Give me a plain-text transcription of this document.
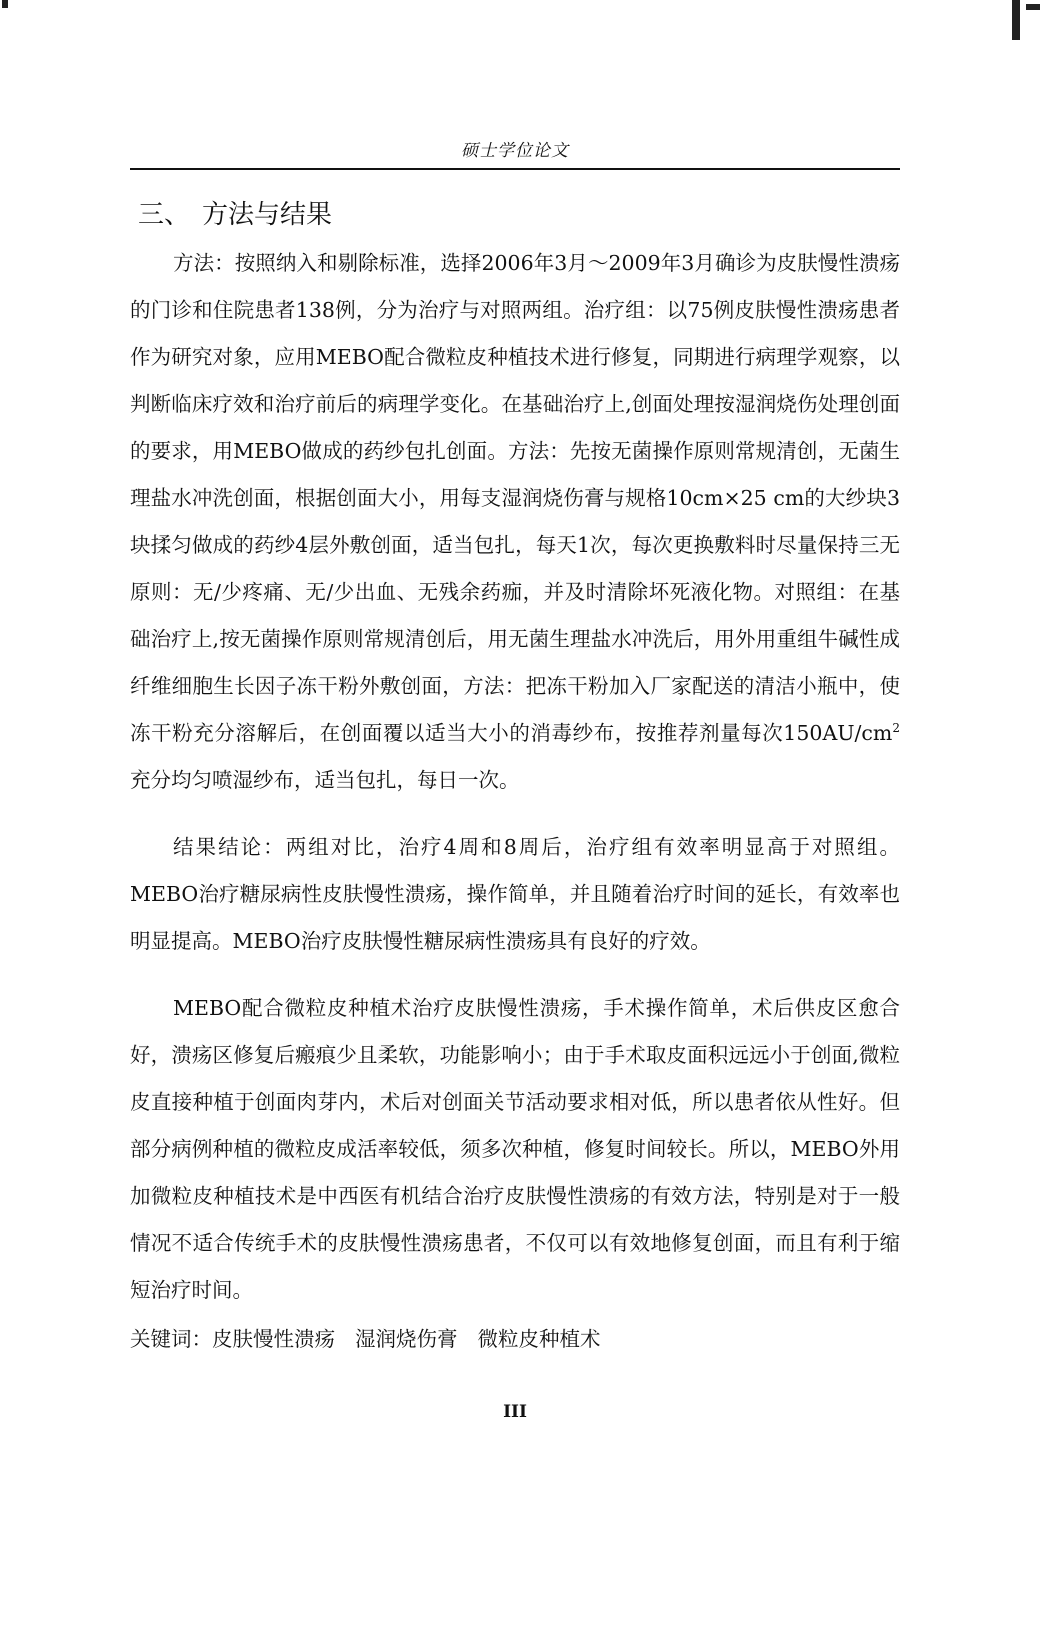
硕士学位论文
三、 方法与结果

方法：按照纳入和剔除标准，选择2006年3月～2009年3月确诊为皮肤慢性溃疡的门诊和住院患者138例，分为治疗与对照两组。治疗组：以75例皮肤慢性溃疡患者作为研究对象，应用MEBO配合微粒皮种植技术进行修复，同期进行病理学观察，以判断临床疗效和治疗前后的病理学变化。在基础治疗上,创面处理按湿润烧伤处理创面的要求，用MEBO做成的药纱包扎创面。方法：先按无菌操作原则常规清创，无菌生理盐水冲洗创面，根据创面大小，用每支湿润烧伤膏与规格10cm×25 cm的大纱块3块揉匀做成的药纱4层外敷创面，适当包扎，每天1次，每次更换敷料时尽量保持三无原则：无/少疼痛、无/少出血、无残余药痂，并及时清除坏死液化物。对照组：在基础治疗上,按无菌操作原则常规清创后，用无菌生理盐水冲洗后，用外用重组牛碱性成纤维细胞生长因子冻干粉外敷创面，方法：把冻干粉加入厂家配送的清洁小瓶中，使冻干粉充分溶解后，在创面覆以适当大小的消毒纱布，按推荐剂量每次$150AU/cm^2$充分均匀喷湿纱布，适当包扎，每日一次。

结果结论：两组对比，治疗4周和8周后，治疗组有效率明显高于对照组。MEBO治疗糖尿病性皮肤慢性溃疡，操作简单，并且随着治疗时间的延长，有效率也明显提高。MEBO治疗皮肤慢性糖尿病性溃疡具有良好的疗效。

MEBO配合微粒皮种植术治疗皮肤慢性溃疡，手术操作简单，术后供皮区愈合好，溃疡区修复后瘢痕少且柔软，功能影响小；由于手术取皮面积远远小于创面,微粒皮直接种植于创面肉芽内，术后对创面关节活动要求相对低，所以患者依从性好。但部分病例种植的微粒皮成活率较低，须多次种植，修复时间较长。所以，MEBO外用加微粒皮种植技术是中西医有机结合治疗皮肤慢性溃疡的有效方法，特别是对于一般情况不适合传统手术的皮肤慢性溃疡患者，不仅可以有效地修复创面，而且有利于缩短治疗时间。

关键词：皮肤慢性溃疡 湿润烧伤膏 微粒皮种植术
III
